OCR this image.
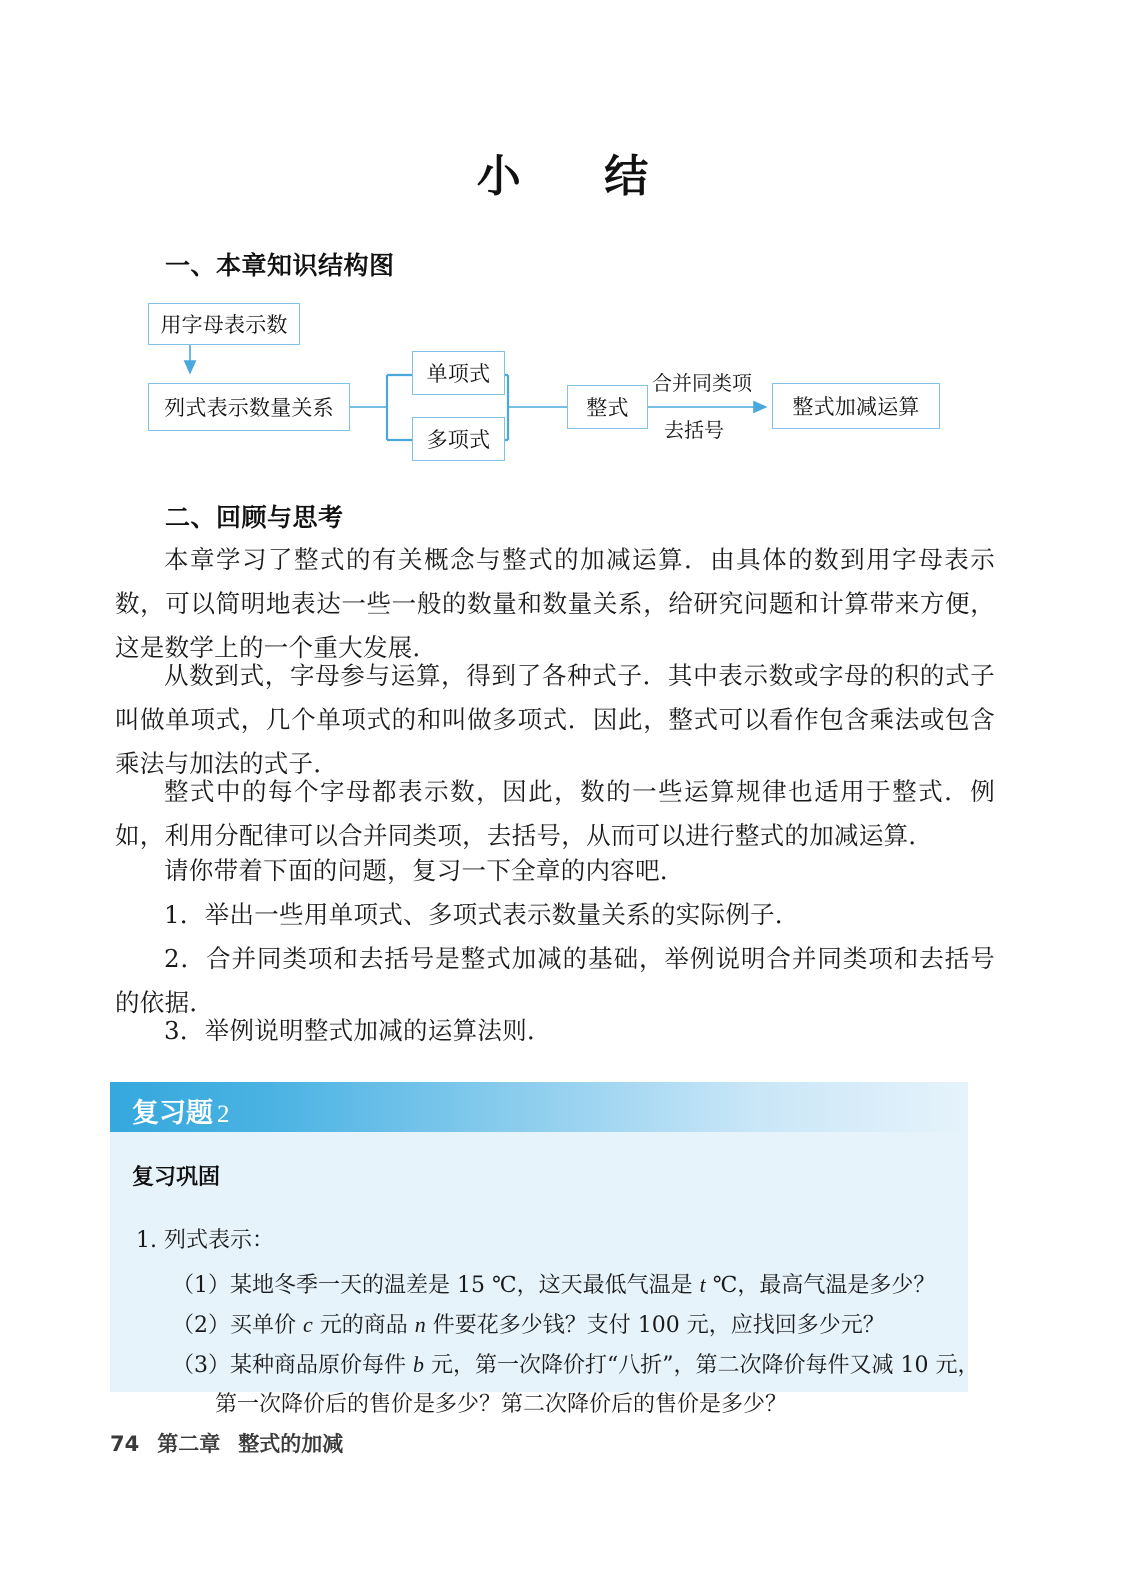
小　结
一、本章知识结构图
用字母表示数
列式表示数量关系
单项式
多项式
整式	整式加减运算
合并同类项
去括号
二、回顾与思考
本章学习了整式的有关概念与整式的加减运算．由具体的数到用字母表示数，可以简明地表达一些一般的数量和数量关系，给研究问题和计算带来方便，这是数学上的一个重大发展．
从数到式，字母参与运算，得到了各种式子．其中表示数或字母的积的式子叫做单项式，几个单项式的和叫做多项式．因此，整式可以看作包含乘法或包含乘法与加法的式子．
整式中的每个字母都表示数，因此，数的一些运算规律也适用于整式．例如，利用分配律可以合并同类项，去括号，从而可以进行整式的加减运算．
请你带着下面的问题，复习一下全章的内容吧．
1．举出一些用单项式、多项式表示数量关系的实际例子．
2．合并同类项和去括号是整式加减的基础，举例说明合并同类项和去括号的依据．
3．举例说明整式加减的运算法则．
复习题 2
复习巩固
1. 列式表示：
（1）某地冬季一天的温差是 15 ℃，这天最低气温是 t ℃，最高气温是多少？
（2）买单价 c 元的商品 n 件要花多少钱？支付 100 元，应找回多少元？
（3）某种商品原价每件 b 元，第一次降价打“八折”，第二次降价每件又减 10 元，
第一次降价后的售价是多少？第二次降价后的售价是多少？
74 第二章 整式的加减
